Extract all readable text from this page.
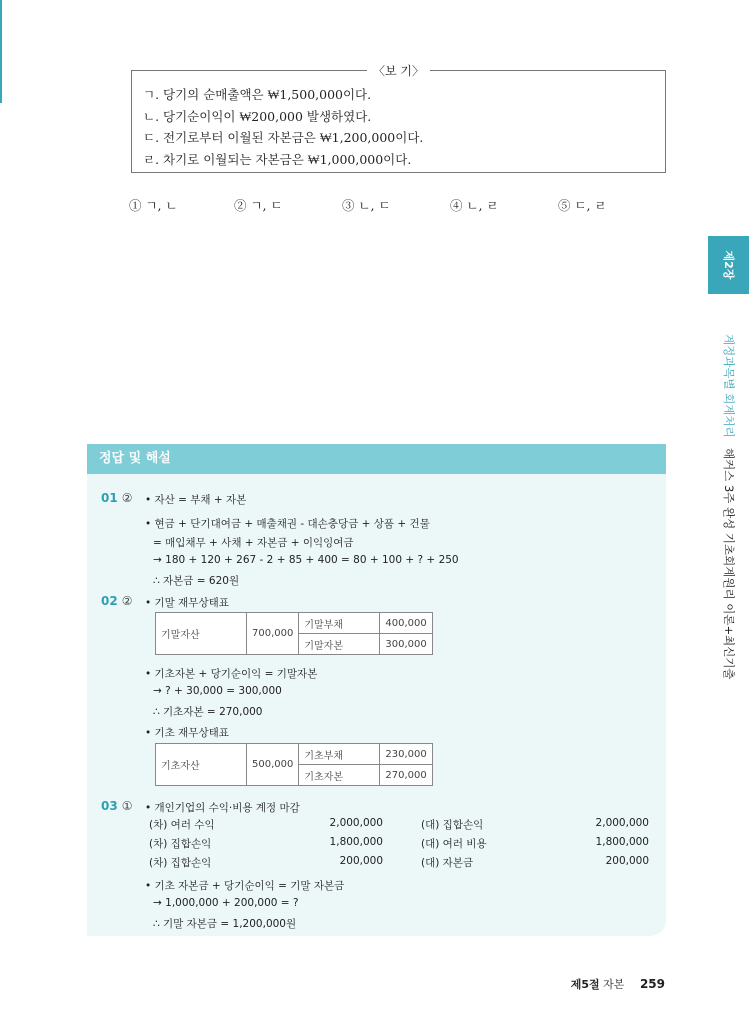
〈보 기〉
ㄱ. 당기의 순매출액은 ₩1,500,000이다.
ㄴ. 당기순이익이 ₩200,000 발생하였다.
ㄷ. 전기로부터 이월된 자본금은 ₩1,200,000이다.
ㄹ. 차기로 이월되는 자본금은 ₩1,000,000이다.
① ㄱ, ㄴ	② ㄱ, ㄷ	③ ㄴ, ㄷ	④ ㄴ, ㄹ	⑤ ㄷ, ㄹ
제2장
계정과목별 회계처리
해커스 3주 완성 기초회계원리 이론+최신기출
정답 및 해설
01 ② • 자산 = 부채 + 자본
• 현금 + 단기대여금 + 매출채권 - 대손충당금 + 상품 + 건물
= 매입채무 + 사채 + 자본금 + 이익잉여금
→ 180 + 120 + 267 - 2 + 85 + 400 = 80 + 100 + ? + 250
∴ 자본금 = 620원
02 ② • 기말 재무상태표
기말자산	700,000	기말부채	400,000
		기말자본	300,000
• 기초자본 + 당기순이익 = 기말자본
→ ? + 30,000 = 300,000
∴ 기초자본 = 270,000
• 기초 재무상태표
기초자산	500,000	기초부채	230,000
		기초자본	270,000
03 ① • 개인기업의 수익·비용 계정 마감
(차) 여러 수익	2,000,000	(대) 집합손익	2,000,000
(차) 집합손익	1,800,000	(대) 여러 비용	1,800,000
(차) 집합손익	200,000	(대) 자본금	200,000
• 기초 자본금 + 당기순이익 = 기말 자본금
→ 1,000,000 + 200,000 = ?
∴ 기말 자본금 = 1,200,000원
제5절 자본 259
